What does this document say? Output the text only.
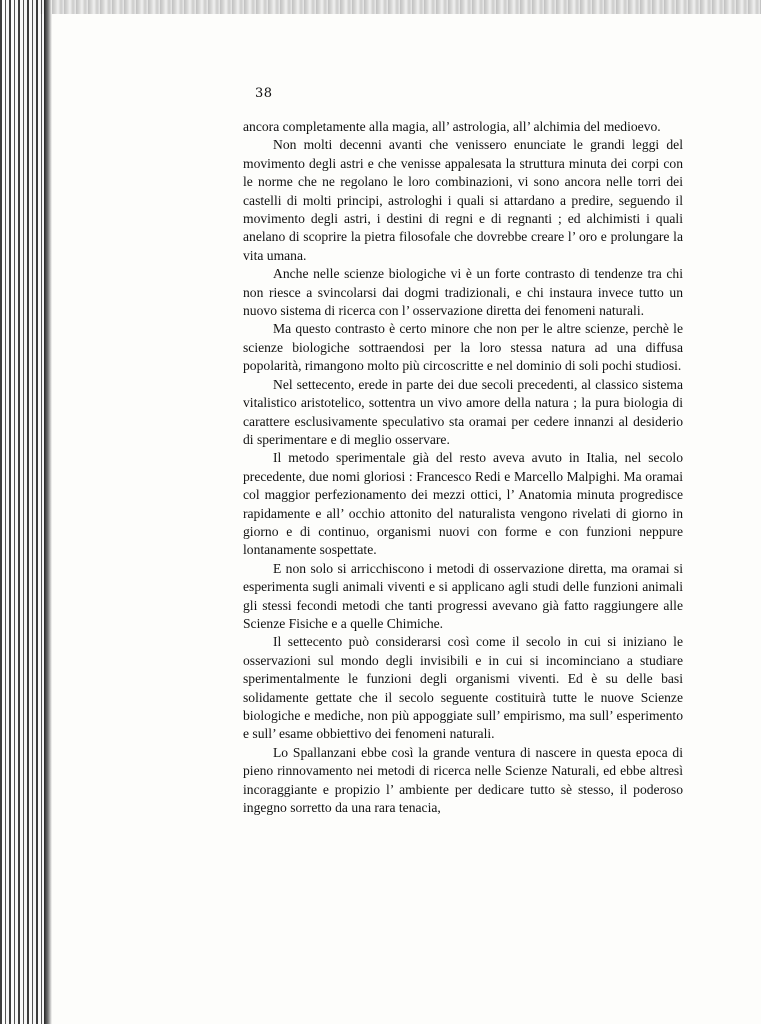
38

ancora completamente alla magia, all’ astrologia, all’ alchimia del medioevo.

Non molti decenni avanti che venissero enunciate le grandi leggi del movimento degli astri e che venisse appalesata la struttura minuta dei corpi con le norme che ne regolano le loro combinazioni, vi sono ancora nelle torri dei castelli di molti principi, astrologhi i quali si attardano a predire, seguendo il movimento degli astri, i destini di regni e di regnanti ; ed alchimisti i quali anelano di scoprire la pietra filosofale che dovrebbe creare l’ oro e prolungare la vita umana.

Anche nelle scienze biologiche vi è un forte contrasto di tendenze tra chi non riesce a svincolarsi dai dogmi tradizionali, e chi instaura invece tutto un nuovo sistema di ricerca con l’ osservazione diretta dei fenomeni naturali.

Ma questo contrasto è certo minore che non per le altre scienze, perchè le scienze biologiche sottraendosi per la loro stessa natura ad una diffusa popolarità, rimangono molto più circoscritte e nel dominio di soli pochi studiosi.

Nel settecento, erede in parte dei due secoli precedenti, al classico sistema vitalistico aristotelico, sottentra un vivo amore della natura ; la pura biologia di carattere esclusivamente speculativo sta oramai per cedere innanzi al desiderio di sperimentare e di meglio osservare.

Il metodo sperimentale già del resto aveva avuto in Italia, nel secolo precedente, due nomi gloriosi : Francesco Redi e Marcello Malpighi. Ma oramai col maggior perfezionamento dei mezzi ottici, l’ Anatomia minuta progredisce rapidamente e all’ occhio attonito del naturalista vengono rivelati di giorno in giorno e di continuo, organismi nuovi con forme e con funzioni neppure lontanamente sospettate.

E non solo si arricchiscono i metodi di osservazione diretta, ma oramai si esperimenta sugli animali viventi e si applicano agli studi delle funzioni animali gli stessi fecondi metodi che tanti progressi avevano già fatto raggiungere alle Scienze Fisiche e a quelle Chimiche.

Il settecento può considerarsi così come il secolo in cui si iniziano le osservazioni sul mondo degli invisibili e in cui si incominciano a studiare sperimentalmente le funzioni degli organismi viventi. Ed è su delle basi solidamente gettate che il secolo seguente costituirà tutte le nuove Scienze biologiche e mediche, non più appoggiate sull’ empirismo, ma sull’ esperimento e sull’ esame obbiettivo dei fenomeni naturali.

Lo Spallanzani ebbe così la grande ventura di nascere in questa epoca di pieno rinnovamento nei metodi di ricerca nelle Scienze Naturali, ed ebbe altresì incoraggiante e propizio l’ ambiente per dedicare tutto sè stesso, il poderoso ingegno sorretto da una rara tenacia,
